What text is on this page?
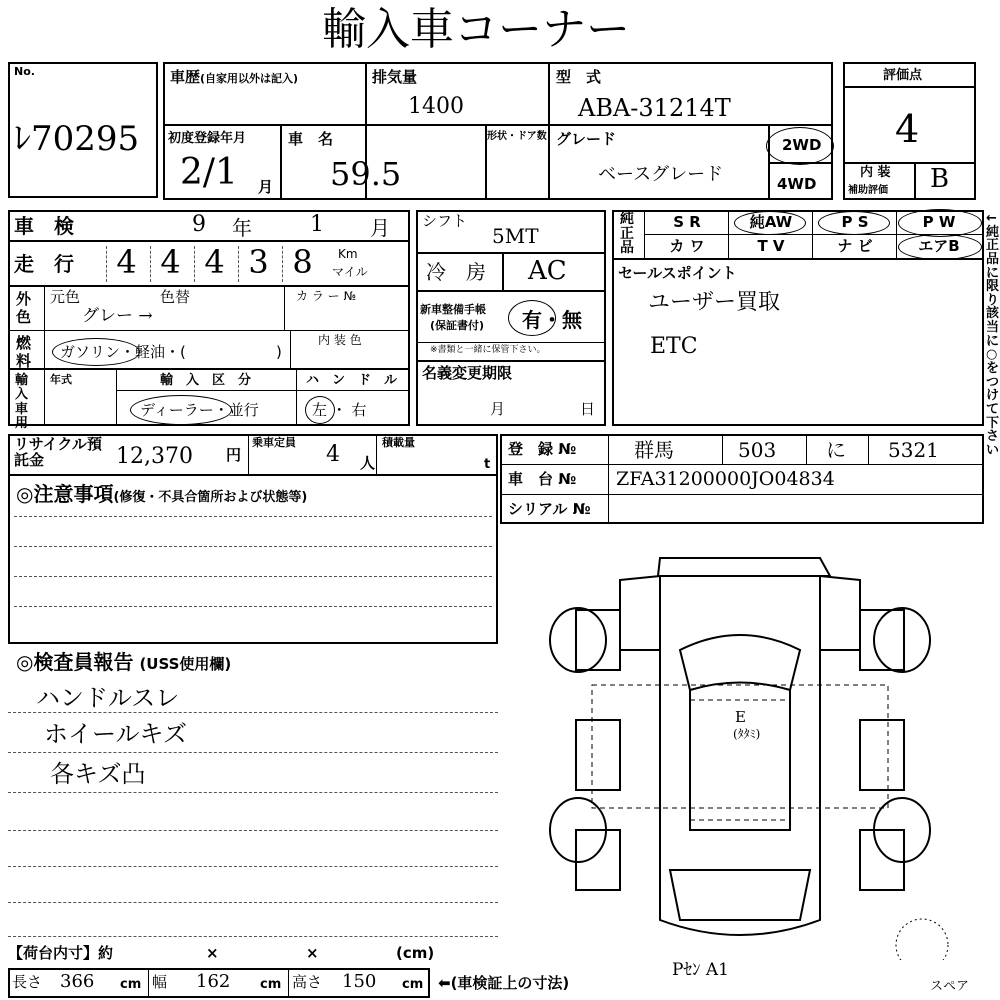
輸入車コーナー
No.
ﾚ70295
車歴(自家用以外は記入)	排気量
1400
型　式
ABA-31214T
初度登録年月
2/1 月
車　名
59.5
形状・ドア数 グレード
ベースグレード
2WD
4WD
評価点
4
内 装
補助評価 B
車　検	9 年	1 月
走　行	4 4 4 3 8	Km
マイル
外色
元色	色替	カ ラ ー №
グレー →
燃料 ガソリン・軽油・(	)
内 装 色
輸入車用
年式	輸　入　区　分
ディーラー・並行
ハ　ン　ド　ル
左 ・ 右
シフト
5MT
冷　房 AC
新車整備手帳
(保証書付) 有・無
※書類と一緒に保管下さい。
名義変更期限
月	日
純正品
S R	純AW	P S	P W
カ ワ	T V	ナ ビ	エアB
←純正品に限り該当に○をつけて下さい
セールスポイント
ユーザー買取
ETC
リサイクル預託金	12,370 円
乗車定員 4 人
積載量
t
登　録 №	群馬	503 に 5321
車　台 № ZFA31200000JO04834
シリアル №
◎注意事項(修復・不具合箇所および状態等)
◎検査員報告 (USS使用欄)
ハンドルスレ
ホイールキズ
各キズ凸
E
(ﾀﾀﾐ)
Pｾﾝ A1
スペア
【荷台内寸】約	×	×	(cm)
長さ 366 cm 幅 162 cm 高さ 150 cm ⬅(車検証上の寸法)
